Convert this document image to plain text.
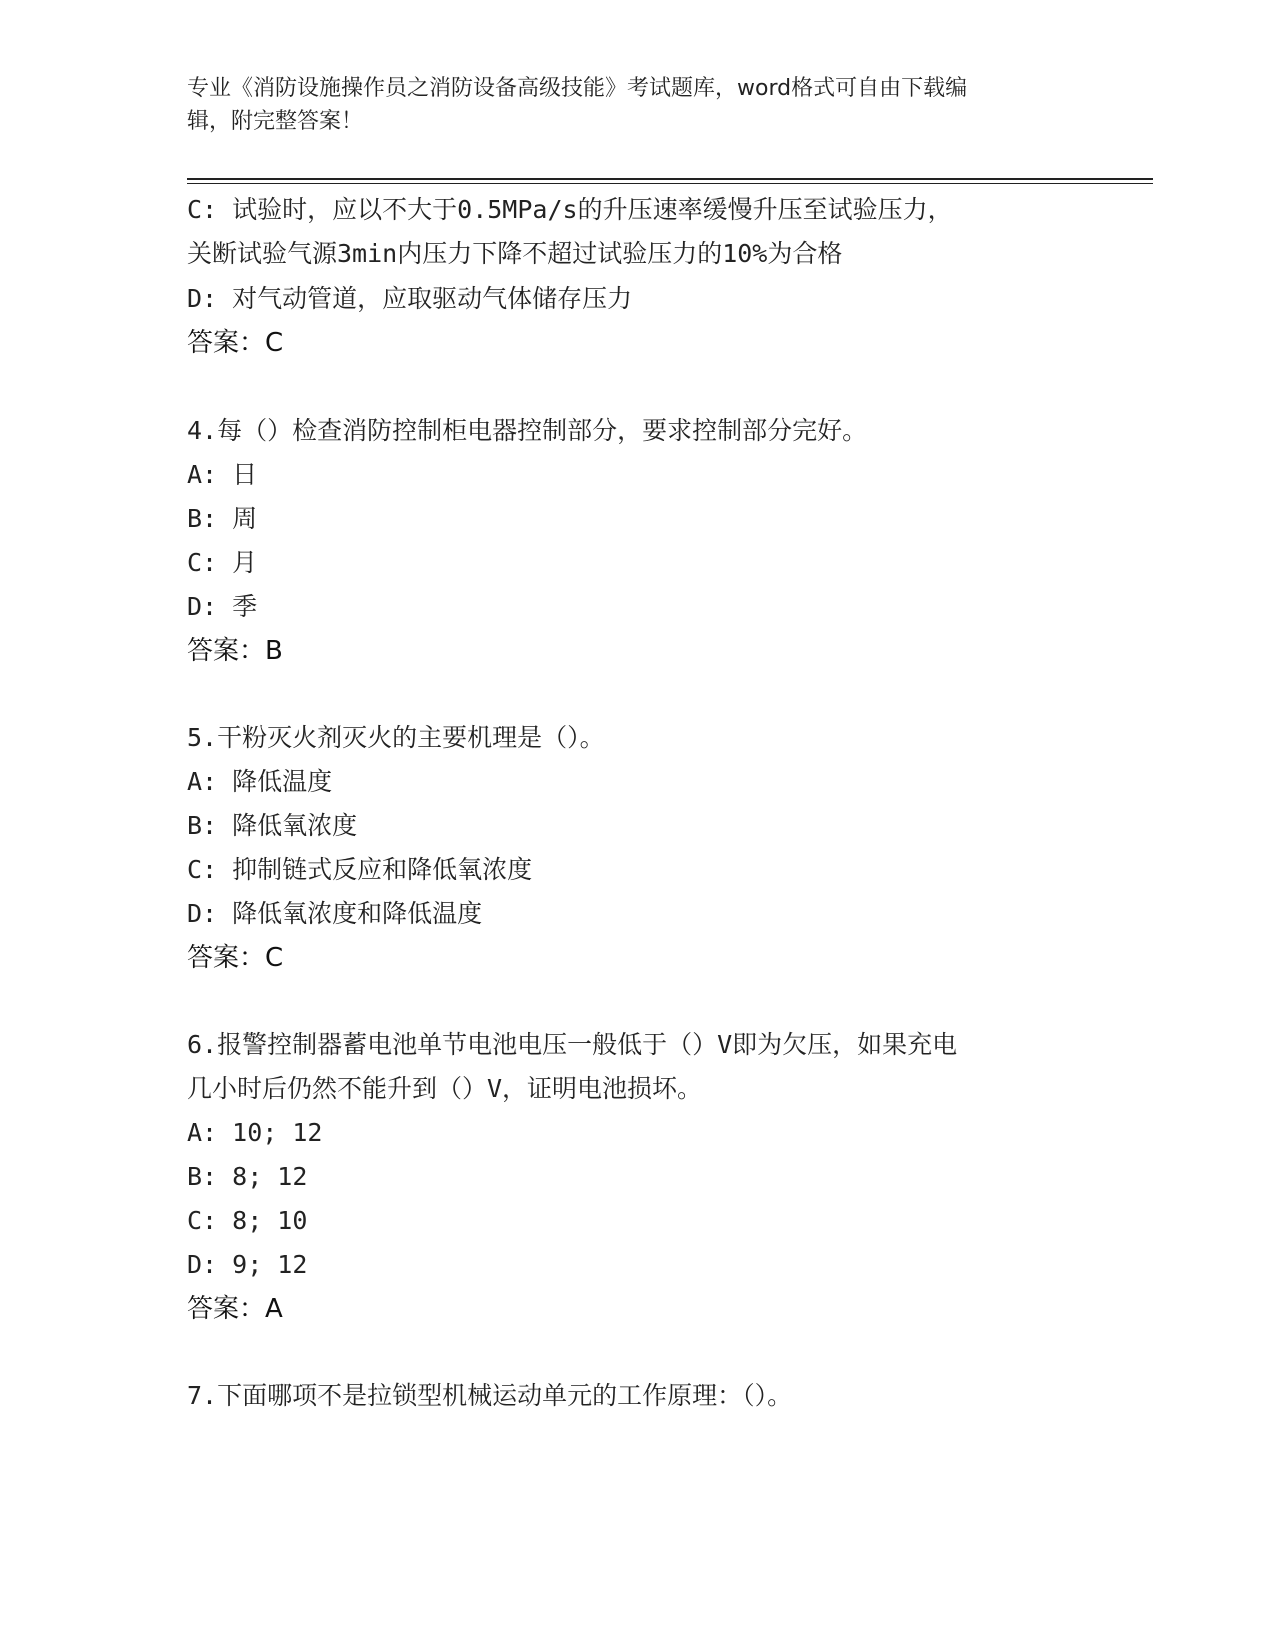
专业《消防设施操作员之消防设备高级技能》考试题库，word格式可自由下载编
辑，附完整答案！
C: 试验时，应以不大于0.5MPa/s的升压速率缓慢升压至试验压力，
关断试验气源3min内压力下降不超过试验压力的10%为合格
D: 对气动管道，应取驱动气体储存压力
答案：C
4.每（）检查消防控制柜电器控制部分，要求控制部分完好。
A: 日
B: 周
C: 月
D: 季
答案：B
5.干粉灭火剂灭火的主要机理是（）。
A: 降低温度
B: 降低氧浓度
C: 抑制链式反应和降低氧浓度
D: 降低氧浓度和降低温度
答案：C
6.报警控制器蓄电池单节电池电压一般低于（）V即为欠压，如果充电
几小时后仍然不能升到（）V，证明电池损坏。
A: 10; 12
B: 8; 12
C: 8; 10
D: 9; 12
答案：A
7.下面哪项不是拉锁型机械运动单元的工作原理：（）。
